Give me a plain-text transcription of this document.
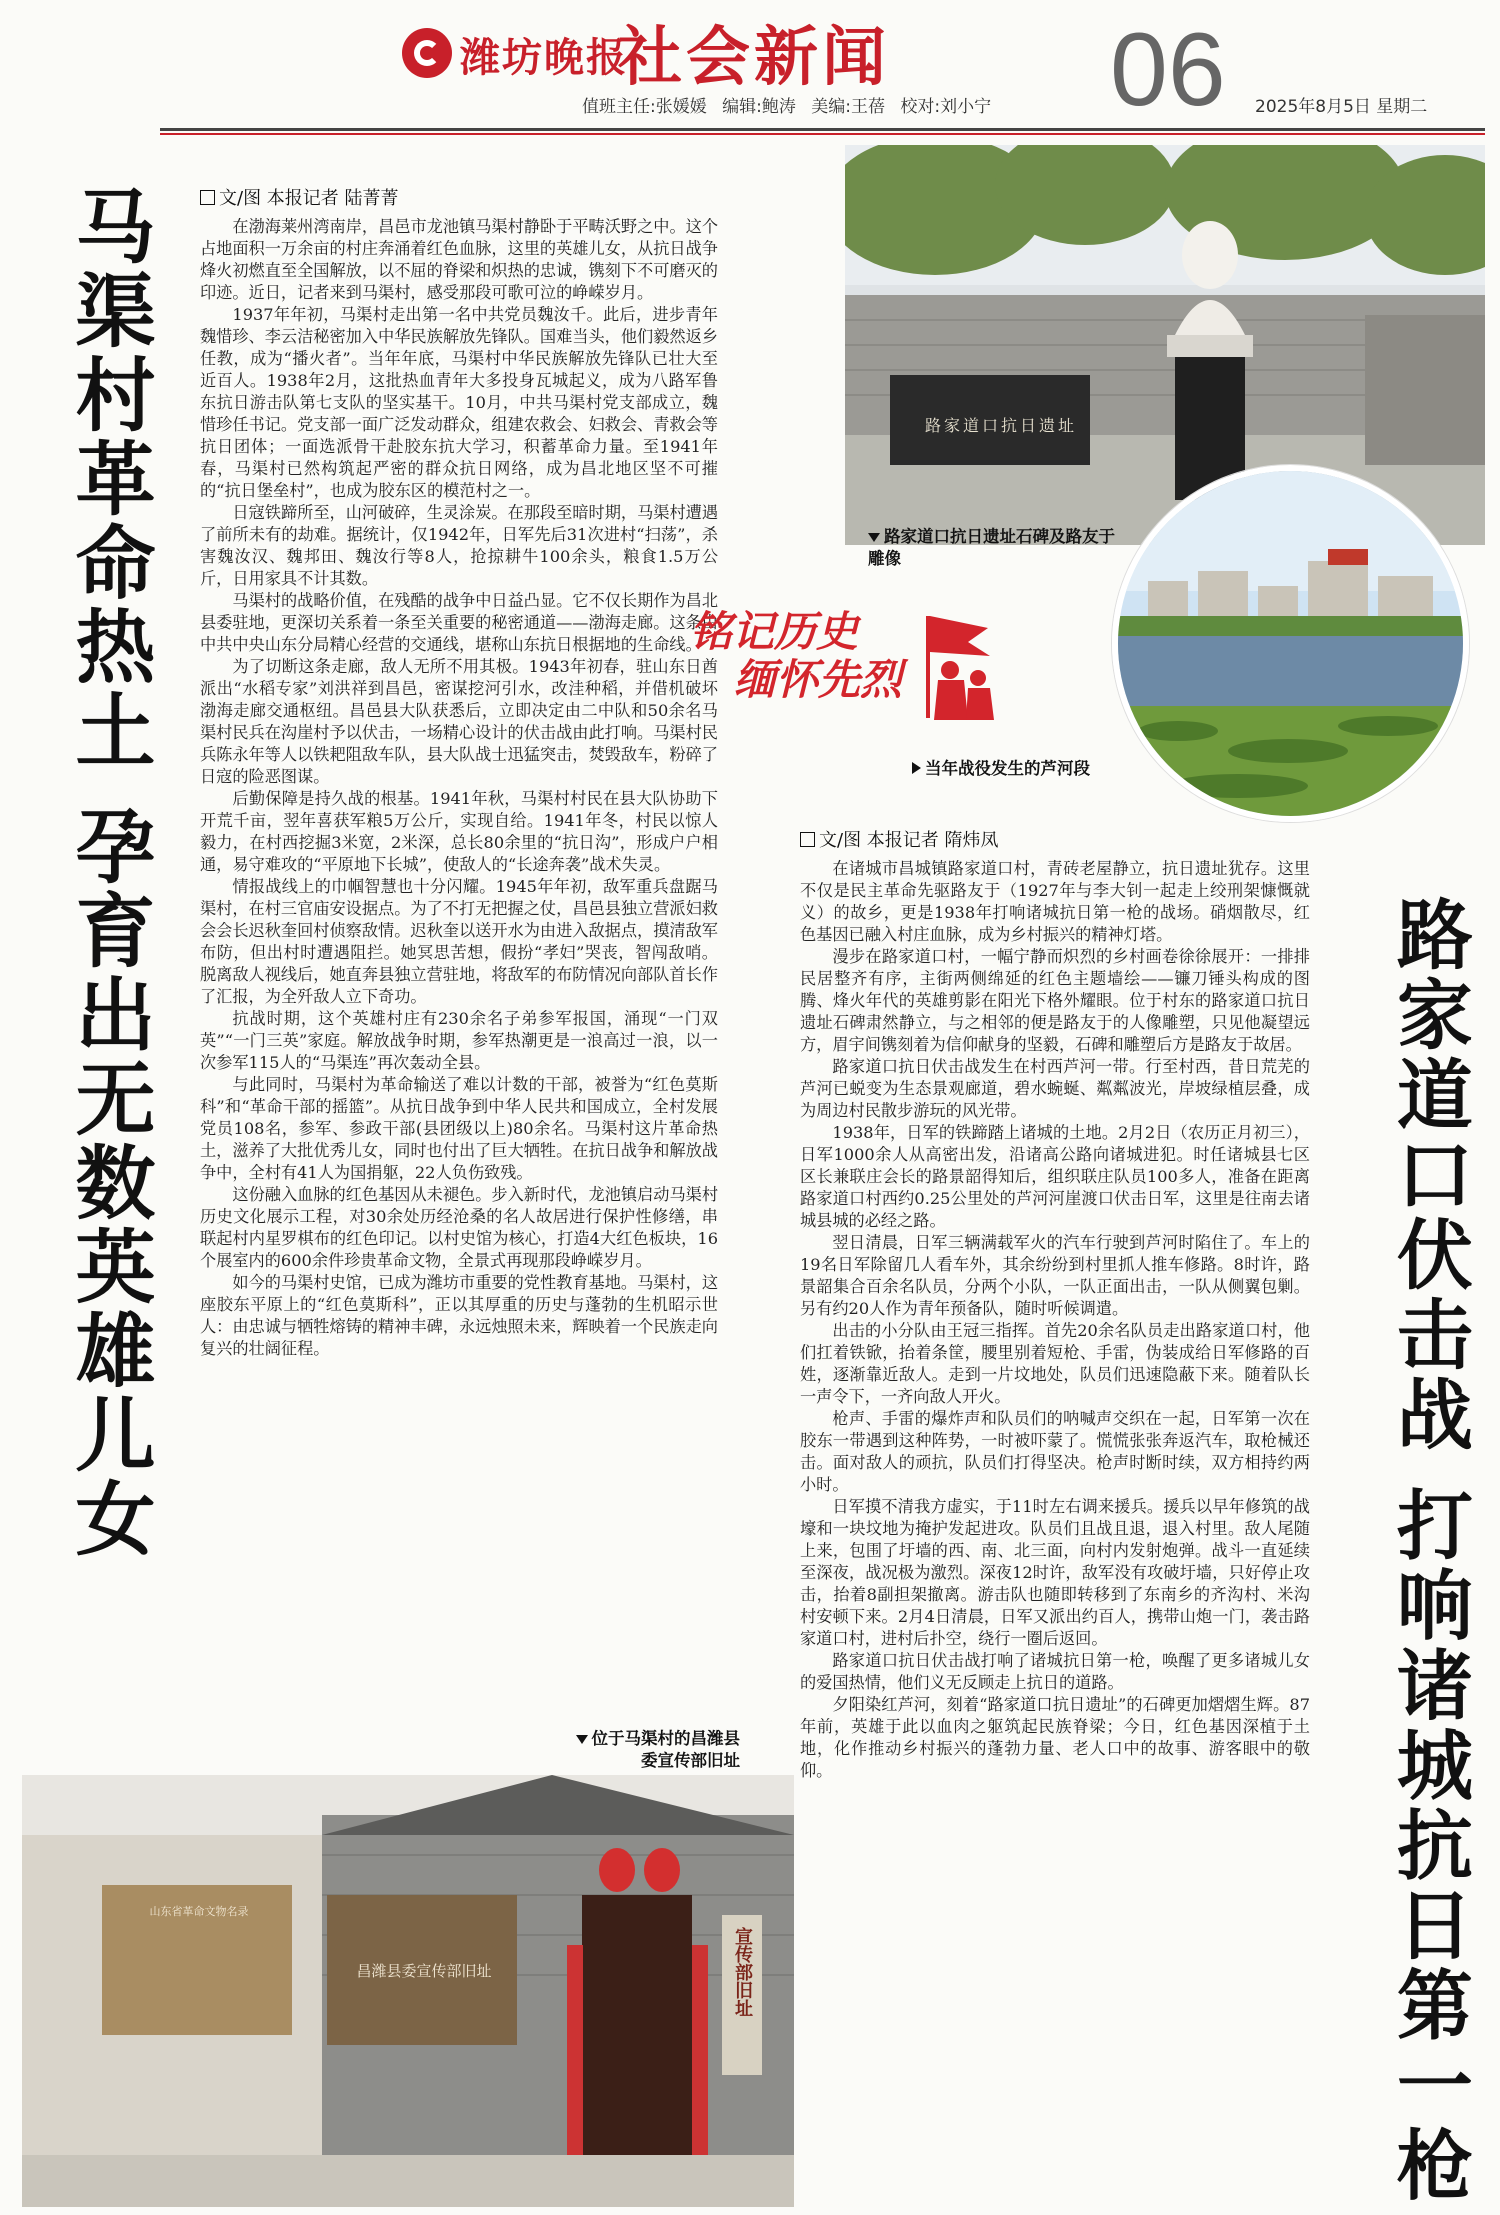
潍坊晚报
社会新闻 06
值班主任:张媛媛 编辑:鲍涛 美编:王蓓 校对:刘小宁	2025年8月5日 星期二
马渠村革命热土 孕育出无数英雄儿女	文/图 本报记者 陆菁菁

在渤海莱州湾南岸，昌邑市龙池镇马渠村静卧于平畴沃野之中。这个占地面积一万余亩的村庄奔涌着红色血脉，这里的英雄儿女，从抗日战争烽火初燃直至全国解放，以不屈的脊梁和炽热的忠诚，镌刻下不可磨灭的印迹。近日，记者来到马渠村，感受那段可歌可泣的峥嵘岁月。

1937年年初，马渠村走出第一名中共党员魏汝千。此后，进步青年魏惜珍、李云洁秘密加入中华民族解放先锋队。国难当头，他们毅然返乡任教，成为“播火者”。当年年底，马渠村中华民族解放先锋队已壮大至近百人。1938年2月，这批热血青年大多投身瓦城起义，成为八路军鲁东抗日游击队第七支队的坚实基干。10月，中共马渠村党支部成立，魏惜珍任书记。党支部一面广泛发动群众，组建农救会、妇救会、青救会等抗日团体；一面选派骨干赴胶东抗大学习，积蓄革命力量。至1941年春，马渠村已然构筑起严密的群众抗日网络，成为昌北地区坚不可摧的“抗日堡垒村”，也成为胶东区的模范村之一。

日寇铁蹄所至，山河破碎，生灵涂炭。在那段至暗时期，马渠村遭遇了前所未有的劫难。据统计，仅1942年，日军先后31次进村“扫荡”，杀害魏汝汉、魏邦田、魏汝行等8人，抢掠耕牛100余头，粮食1.5万公斤，日用家具不计其数。

马渠村的战略价值，在残酷的战争中日益凸显。它不仅长期作为昌北县委驻地，更深切关系着一条至关重要的秘密通道——渤海走廊。这条由中共中央山东分局精心经营的交通线，堪称山东抗日根据地的生命线。

为了切断这条走廊，敌人无所不用其极。1943年初春，驻山东日酋派出“水稻专家”刘洪祥到昌邑，密谋挖河引水，改洼种稻，并借机破坏渤海走廊交通枢纽。昌邑县大队获悉后，立即决定由二中队和50余名马渠村民兵在沟崖村予以伏击，一场精心设计的伏击战由此打响。马渠村民兵陈永年等人以铁耙阻敌车队，县大队战士迅猛突击，焚毁敌车，粉碎了日寇的险恶图谋。

后勤保障是持久战的根基。1941年秋，马渠村村民在县大队协助下开荒千亩，翌年喜获军粮5万公斤，实现自给。1941年冬，村民以惊人毅力，在村西挖掘3米宽，2米深，总长80余里的“抗日沟”，形成户户相通，易守难攻的“平原地下长城”，使敌人的“长途奔袭”战术失灵。

情报战线上的巾帼智慧也十分闪耀。1945年年初，敌军重兵盘踞马渠村，在村三官庙安设据点。为了不打无把握之仗，昌邑县独立营派妇救会会长迟秋奎回村侦察敌情。迟秋奎以送开水为由进入敌据点，摸清敌军布防，但出村时遭遇阻拦。她冥思苦想，假扮“孝妇”哭丧，智闯敌哨。脱离敌人视线后，她直奔县独立营驻地，将敌军的布防情况向部队首长作了汇报，为全歼敌人立下奇功。

抗战时期，这个英雄村庄有230余名子弟参军报国，涌现“一门双英”“一门三英”家庭。解放战争时期，参军热潮更是一浪高过一浪，以一次参军115人的“马渠连”再次轰动全县。

与此同时，马渠村为革命输送了难以计数的干部，被誉为“红色莫斯科”和“革命干部的摇篮”。从抗日战争到中华人民共和国成立，全村发展党员108名，参军、参政干部(县团级以上)80余名。马渠村这片革命热土，滋养了大批优秀儿女，同时也付出了巨大牺牲。在抗日战争和解放战争中，全村有41人为国捐躯，22人负伤致残。

这份融入血脉的红色基因从未褪色。步入新时代，龙池镇启动马渠村历史文化展示工程，对30余处历经沧桑的名人故居进行保护性修缮，串联起村内星罗棋布的红色印记。以村史馆为核心，打造4大红色板块，16个展室内的600余件珍贵革命文物，全景式再现那段峥嵘岁月。

如今的马渠村史馆，已成为潍坊市重要的党性教育基地。马渠村，这座胶东平原上的“红色莫斯科”，正以其厚重的历史与蓬勃的生机昭示世人：由忠诚与牺牲熔铸的精神丰碑，永远烛照未来，辉映着一个民族走向复兴的壮阔征程。

路家道口抗日遗址
路家道口抗日遗址石碑及路友于雕像
当年战役发生的芦河段
铭记历史
缅怀先烈
文/图 本报记者 隋炜凤

在诸城市昌城镇路家道口村，青砖老屋静立，抗日遗址犹存。这里不仅是民主革命先驱路友于（1927年与李大钊一起走上绞刑架慷慨就义）的故乡，更是1938年打响诸城抗日第一枪的战场。硝烟散尽，红色基因已融入村庄血脉，成为乡村振兴的精神灯塔。

漫步在路家道口村，一幅宁静而炽烈的乡村画卷徐徐展开：一排排民居整齐有序，主街两侧绵延的红色主题墙绘——镰刀锤头构成的图腾、烽火年代的英雄剪影在阳光下格外耀眼。位于村东的路家道口抗日遗址石碑肃然静立，与之相邻的便是路友于的人像雕塑，只见他凝望远方，眉宇间镌刻着为信仰献身的坚毅，石碑和雕塑后方是路友于故居。

路家道口抗日伏击战发生在村西芦河一带。行至村西，昔日荒芜的芦河已蜕变为生态景观廊道，碧水蜿蜒、粼粼波光，岸坡绿植层叠，成为周边村民散步游玩的风光带。

1938年，日军的铁蹄踏上诸城的土地。2月2日（农历正月初三），日军1000余人从高密出发，沿诸高公路向诸城进犯。时任诸城县七区区长兼联庄会长的路景韶得知后，组织联庄队员100多人，准备在距离路家道口村西约0.25公里处的芦河河崖渡口伏击日军，这里是往南去诸城县城的必经之路。

翌日清晨，日军三辆满载军火的汽车行驶到芦河时陷住了。车上的19名日军除留几人看车外，其余纷纷到村里抓人推车修路。8时许，路景韶集合百余名队员，分两个小队，一队正面出击，一队从侧翼包剿。另有约20人作为青年预备队，随时听候调遣。

出击的小分队由王冠三指挥。首先20余名队员走出路家道口村，他们扛着铁锨，抬着条筐，腰里别着短枪、手雷，伪装成给日军修路的百姓，逐渐靠近敌人。走到一片坟地处，队员们迅速隐蔽下来。随着队长一声令下，一齐向敌人开火。

枪声、手雷的爆炸声和队员们的呐喊声交织在一起，日军第一次在胶东一带遇到这种阵势，一时被吓蒙了。慌慌张张奔返汽车，取枪械还击。面对敌人的顽抗，队员们打得坚决。枪声时断时续，双方相持约两小时。

日军摸不清我方虚实，于11时左右调来援兵。援兵以早年修筑的战壕和一块坟地为掩护发起进攻。队员们且战且退，退入村里。敌人尾随上来，包围了圩墙的西、南、北三面，向村内发射炮弹。战斗一直延续至深夜，战况极为激烈。深夜12时许，敌军没有攻破圩墙，只好停止攻击，抬着8副担架撤离。游击队也随即转移到了东南乡的齐沟村、米沟村安顿下来。2月4日清晨，日军又派出约百人，携带山炮一门，袭击路家道口村，进村后扑空，绕行一圈后返回。

路家道口抗日伏击战打响了诸城抗日第一枪，唤醒了更多诸城儿女的爱国热情，他们义无反顾走上抗日的道路。

夕阳染红芦河，刻着“路家道口抗日遗址”的石碑更加熠熠生辉。87年前，英雄于此以血肉之躯筑起民族脊梁；今日，红色基因深植于土地，化作推动乡村振兴的蓬勃力量、老人口中的故事、游客眼中的敬仰。	路家道口伏击战 打响诸城抗日第一枪
位于马渠村的昌潍县委宣传部旧址
山东省革命文物名录
昌潍县委宣传部旧址	宣传部旧址
